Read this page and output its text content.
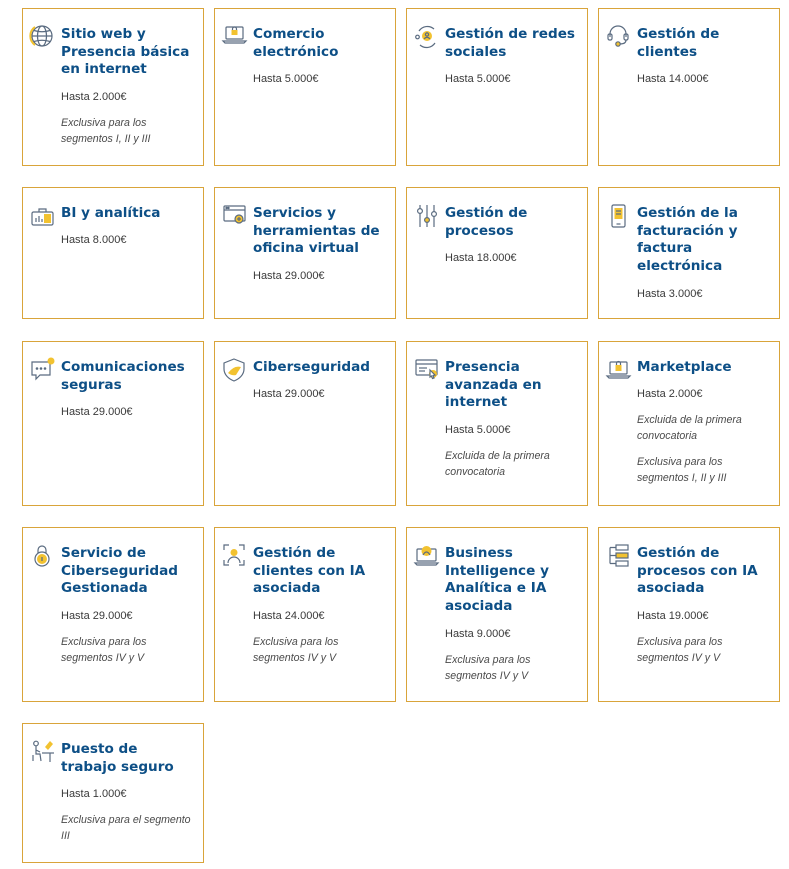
Sitio web y Presencia básica en internet
Hasta 2.000€
Exclusiva para los segmentos I, II y III
Comercio electrónico
Hasta 5.000€
Gestión de redes sociales
Hasta 5.000€
Gestión de clientes
Hasta 14.000€
BI y analítica
Hasta 8.000€
Servicios y herramientas de oficina virtual
Hasta 29.000€
Gestión de procesos
Hasta 18.000€
Gestión de la facturación y factura electrónica
Hasta 3.000€
Comunicaciones seguras
Hasta 29.000€
Ciberseguridad
Hasta 29.000€
Presencia avanzada en internet
Hasta 5.000€
Excluida de la primera convocatoria
Marketplace
Hasta 2.000€
Excluida de la primera convocatoria
Exclusiva para los segmentos I, II y III
Servicio de Ciberseguridad Gestionada
Hasta 29.000€
Exclusiva para los segmentos IV y V
Gestión de clientes con IA asociada
Hasta 24.000€
Exclusiva para los segmentos IV y V
Business Intelligence y Analítica e IA asociada
Hasta 9.000€
Exclusiva para los segmentos IV y V
Gestión de procesos con IA asociada
Hasta 19.000€
Exclusiva para los segmentos IV y V
Puesto de trabajo seguro
Hasta 1.000€
Exclusiva para el segmento III
